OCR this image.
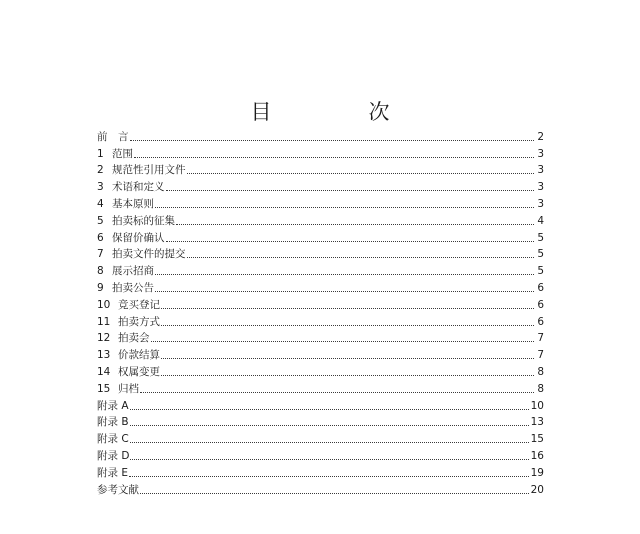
目　次
前　言	2
1 范围	3
2 规范性引用文件	3
3 术语和定义	3
4 基本原则	3
5 拍卖标的征集	4
6 保留价确认	5
7 拍卖文件的提交	5
8 展示招商	5
9 拍卖公告	6
10 竞买登记	6
11 拍卖方式	6
12 拍卖会	7
13 价款结算	7
14 权属变更	8
15 归档	8
附录 A	10
附录 B	13
附录 C	15
附录 D	16
附录 E	19
参考文献	20
